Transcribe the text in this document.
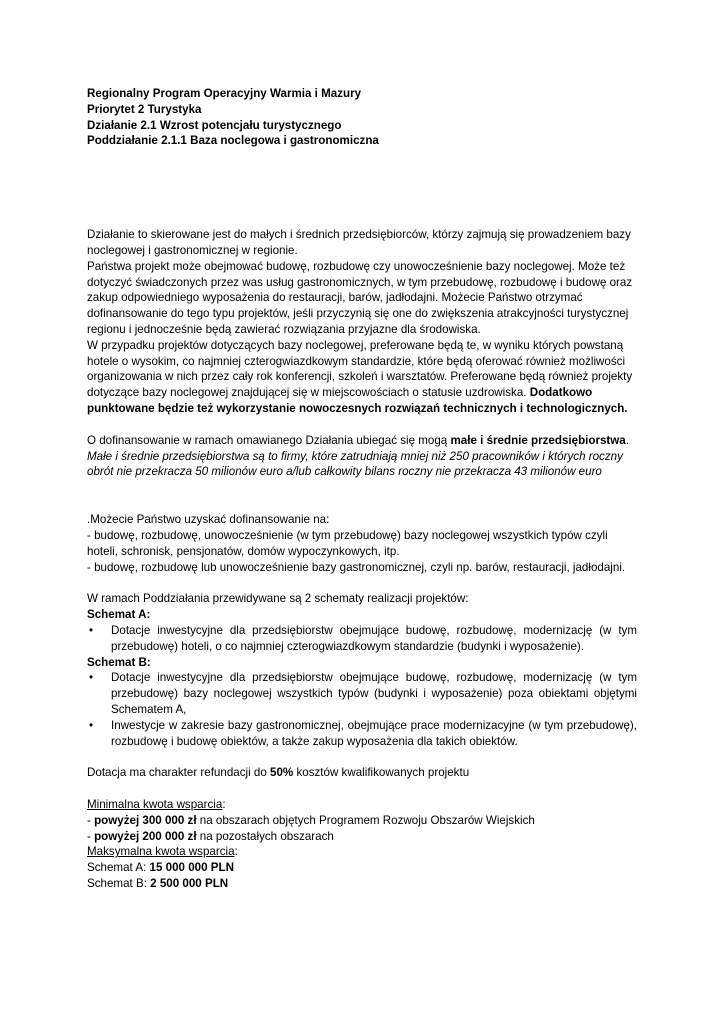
Regionalny Program Operacyjny Warmia i Mazury

Priorytet 2 Turystyka

Działanie 2.1 Wzrost potencjału turystycznego

Poddziałanie 2.1.1 Baza noclegowa i gastronomiczna

Działanie to skierowane jest do małych i średnich przedsiębiorców, którzy zajmują się prowadzeniem bazy noclegowej i gastronomicznej w regionie.

Państwa projekt może obejmować budowę, rozbudowę czy unowocześnienie bazy noclegowej. Może też dotyczyć świadczonych przez was usług gastronomicznych, w tym przebudowę, rozbudowę i budowę oraz zakup odpowiedniego wyposażenia do restauracji, barów, jadłodajni. Możecie Państwo otrzymać dofinansowanie do tego typu projektów, jeśli przyczynią się one do zwiększenia atrakcyjności turystycznej regionu i jednocześnie będą zawierać rozwiązania przyjazne dla środowiska.

W przypadku projektów dotyczących bazy noclegowej, preferowane będą te, w wyniku których powstaną hotele o wysokim, co najmniej czterogwiazdkowym standardzie, które będą oferować również możliwości organizowania w nich przez cały rok konferencji, szkoleń i warsztatów. Preferowane będą również projekty dotyczące bazy noclegowej znajdującej się w miejscowościach o statusie uzdrowiska. Dodatkowo punktowane będzie też wykorzystanie nowoczesnych rozwiązań technicznych i technologicznych.

O dofinansowanie w ramach omawianego Działania ubiegać się mogą małe i średnie przedsiębiorstwa.

Małe i średnie przedsiębiorstwa są to firmy, które zatrudniają mniej niż 250 pracowników i których roczny obrót nie przekracza 50 milionów euro a/lub całkowity bilans roczny nie przekracza 43 milionów euro

.Możecie Państwo uzyskać dofinansowanie na:

- budowę, rozbudowę, unowocześnienie (w tym przebudowę) bazy noclegowej wszystkich typów czyli hoteli, schronisk, pensjonatów, domów wypoczynkowych, itp.

- budowę, rozbudowę lub unowocześnienie bazy gastronomicznej, czyli np. barów, restauracji, jadłodajni.

W ramach Poddziałania przewidywane są 2 schematy realizacji projektów:

Schemat A:

• Dotacje inwestycyjne dla przedsiębiorstw obejmujące budowę, rozbudowę, modernizację (w tym przebudowę) hoteli, o co najmniej czterogwiazdkowym standardzie (budynki i wyposażenie).

Schemat B:

• Dotacje inwestycyjne dla przedsiębiorstw obejmujące budowę, rozbudowę, modernizację (w tym przebudowę) bazy noclegowej wszystkich typów (budynki i wyposażenie) poza obiektami objętymi Schematem A,
• Inwestycje w zakresie bazy gastronomicznej, obejmujące prace modernizacyjne (w tym przebudowę), rozbudowę i budowę obiektów, a także zakup wyposażenia dla takich obiektów.

Dotacja ma charakter refundacji do 50% kosztów kwalifikowanych projektu

Minimalna kwota wsparcia:

- powyżej 300 000 zł na obszarach objętych Programem Rozwoju Obszarów Wiejskich

- powyżej 200 000 zł na pozostałych obszarach

Maksymalna kwota wsparcia:

Schemat A: 15 000 000 PLN

Schemat B: 2 500 000 PLN
